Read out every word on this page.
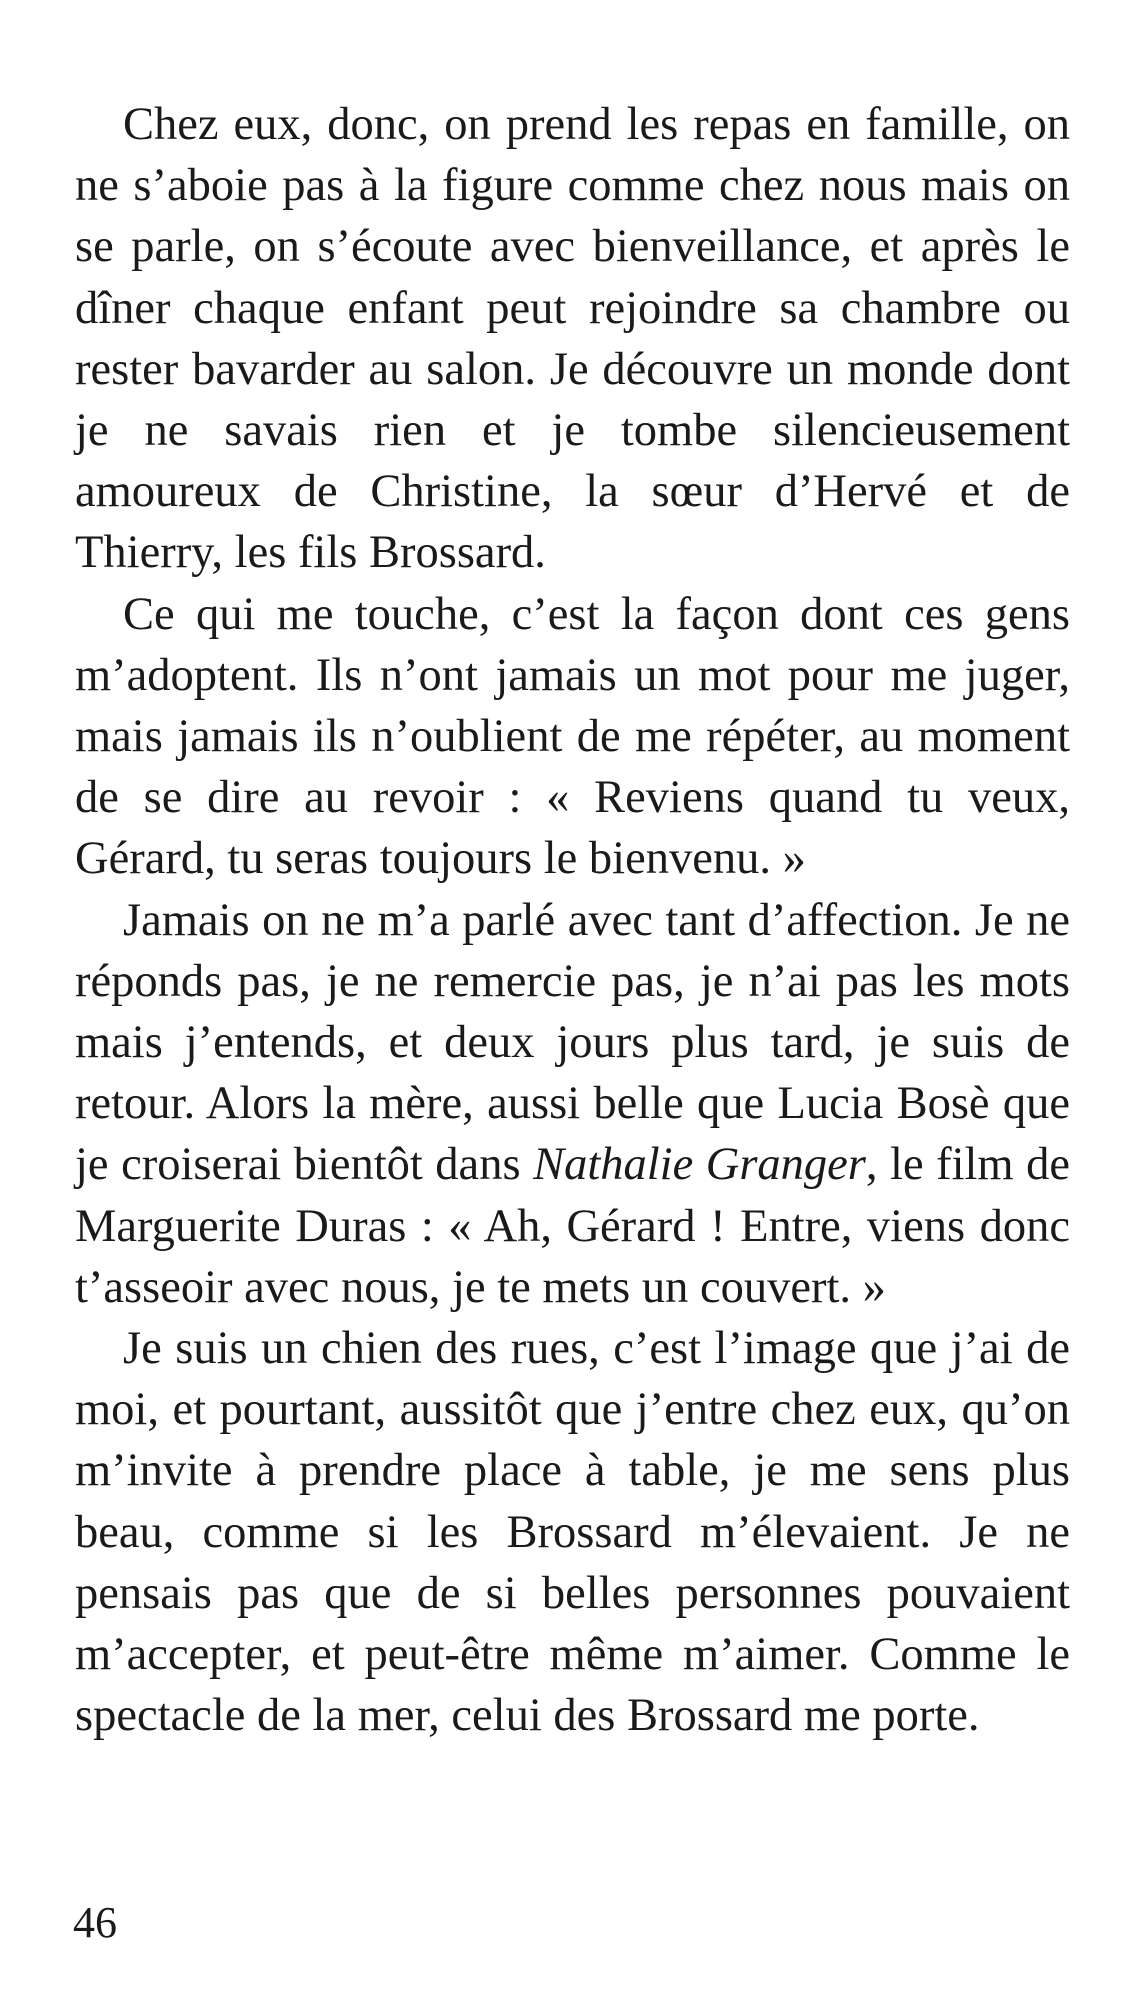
Chez eux, donc, on prend les repas en famille, on ne s’aboie pas à la figure comme chez nous mais on se parle, on s’écoute avec bienveillance, et après le dîner chaque enfant peut rejoindre sa chambre ou rester bavarder au salon. Je découvre un monde dont je ne savais rien et je tombe silencieusement amoureux de Christine, la sœur d’Hervé et de Thierry, les fils Brossard.

Ce qui me touche, c’est la façon dont ces gens m’adoptent. Ils n’ont jamais un mot pour me juger, mais jamais ils n’oublient de me répéter, au moment de se dire au revoir : « Reviens quand tu veux, Gérard, tu seras toujours le bienvenu. »

Jamais on ne m’a parlé avec tant d’affection. Je ne réponds pas, je ne remercie pas, je n’ai pas les mots mais j’entends, et deux jours plus tard, je suis de retour. Alors la mère, aussi belle que Lucia Bosè que je croiserai bientôt dans Nathalie Granger, le film de Marguerite Duras : « Ah, Gérard ! Entre, viens donc t’asseoir avec nous, je te mets un couvert. »

Je suis un chien des rues, c’est l’image que j’ai de moi, et pourtant, aussitôt que j’entre chez eux, qu’on m’invite à prendre place à table, je me sens plus beau, comme si les Brossard m’élevaient. Je ne pensais pas que de si belles personnes pouvaient m’accepter, et peut-être même m’aimer. Comme le spectacle de la mer, celui des Brossard me porte.

46
